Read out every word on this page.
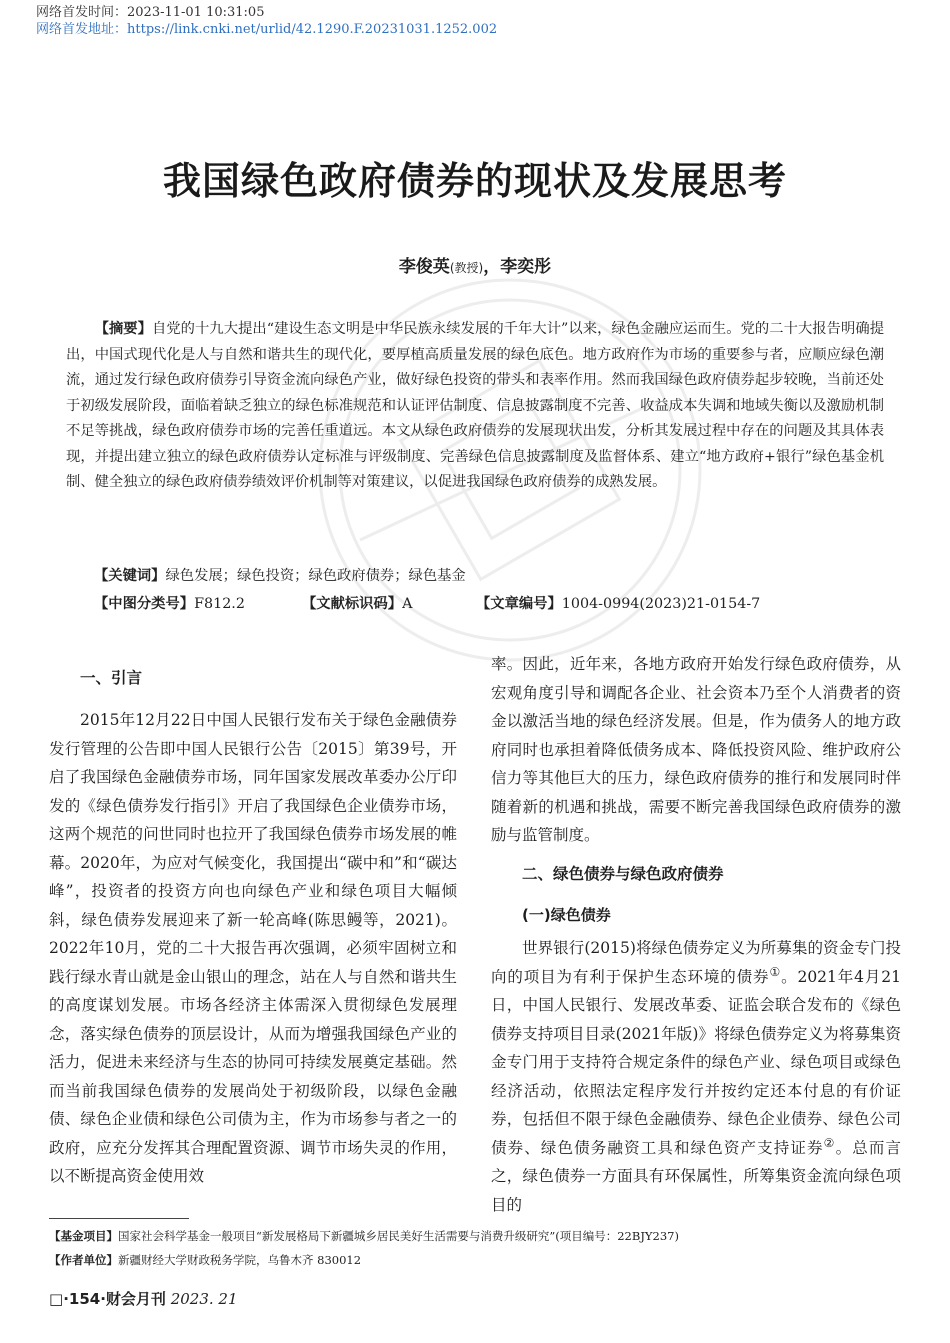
网络首发时间：2023-11-01 10:31:05
网络首发地址：https://link.cnki.net/urlid/42.1290.F.20231031.1252.002
我国绿色政府债券的现状及发展思考
李俊英(教授)，李奕彤
【摘要】自党的十九大提出“建设生态文明是中华民族永续发展的千年大计”以来，绿色金融应运而生。党的二十大报告明确提出，中国式现代化是人与自然和谐共生的现代化，要厚植高质量发展的绿色底色。地方政府作为市场的重要参与者，应顺应绿色潮流，通过发行绿色政府债券引导资金流向绿色产业，做好绿色投资的带头和表率作用。然而我国绿色政府债券起步较晚，当前还处于初级发展阶段，面临着缺乏独立的绿色标准规范和认证评估制度、信息披露制度不完善、收益成本失调和地域失衡以及激励机制不足等挑战，绿色政府债券市场的完善任重道远。本文从绿色政府债券的发展现状出发，分析其发展过程中存在的问题及其具体表现，并提出建立独立的绿色政府债券认定标准与评级制度、完善绿色信息披露制度及监督体系、建立“地方政府+银行”绿色基金机制、健全独立的绿色政府债券绩效评价机制等对策建议，以促进我国绿色政府债券的成熟发展。
【关键词】绿色发展；绿色投资；绿色政府债券；绿色基金
【中图分类号】F812.2	【文献标识码】A	【文章编号】1004-0994(2023)21-0154-7
一、引言
2015年12月22日中国人民银行发布关于绿色金融债券发行管理的公告即中国人民银行公告〔2015〕第39号，开启了我国绿色金融债券市场，同年国家发展改革委办公厅印发的《绿色债券发行指引》开启了我国绿色企业债券市场，这两个规范的问世同时也拉开了我国绿色债券市场发展的帷幕。2020年，为应对气候变化，我国提出“碳中和”和“碳达峰”，投资者的投资方向也向绿色产业和绿色项目大幅倾斜，绿色债券发展迎来了新一轮高峰(陈思鳗等，2021)。2022年10月，党的二十大报告再次强调，必须牢固树立和践行绿水青山就是金山银山的理念，站在人与自然和谐共生的高度谋划发展。市场各经济主体需深入贯彻绿色发展理念，落实绿色债券的顶层设计，从而为增强我国绿色产业的活力，促进未来经济与生态的协同可持续发展奠定基础。然而当前我国绿色债券的发展尚处于初级阶段，以绿色金融债、绿色企业债和绿色公司债为主，作为市场参与者之一的政府，应充分发挥其合理配置资源、调节市场失灵的作用，以不断提高资金使用效
率。因此，近年来，各地方政府开始发行绿色政府债券，从宏观角度引导和调配各企业、社会资本乃至个人消费者的资金以激活当地的绿色经济发展。但是，作为债务人的地方政府同时也承担着降低债务成本、降低投资风险、维护政府公信力等其他巨大的压力，绿色政府债券的推行和发展同时伴随着新的机遇和挑战，需要不断完善我国绿色政府债券的激励与监管制度。
二、绿色债券与绿色政府债券
(一)绿色债券
世界银行(2015)将绿色债券定义为所募集的资金专门投向的项目为有利于保护生态环境的债券①。2021年4月21日，中国人民银行、发展改革委、证监会联合发布的《绿色债券支持项目目录(2021年版)》将绿色债券定义为将募集资金专门用于支持符合规定条件的绿色产业、绿色项目或绿色经济活动，依照法定程序发行并按约定还本付息的有价证券，包括但不限于绿色金融债券、绿色企业债券、绿色公司债券、绿色债务融资工具和绿色资产支持证券②。总而言之，绿色债券一方面具有环保属性，所筹集资金流向绿色项目的
【基金项目】国家社会科学基金一般项目“新发展格局下新疆城乡居民美好生活需要与消费升级研究”(项目编号：22BJY237)
【作者单位】新疆财经大学财政税务学院，乌鲁木齐 830012
□·154·财会月刊 2023. 21
